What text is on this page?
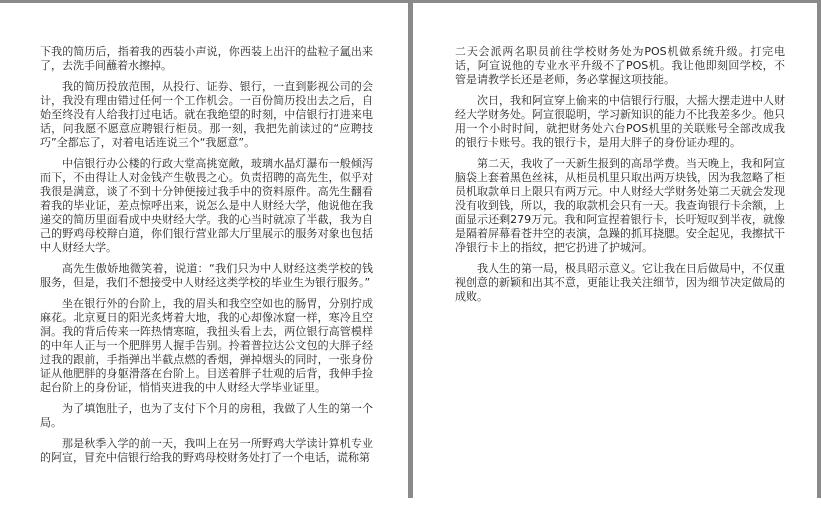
下我的简历后，指着我的西装小声说，你西装上出汗的盐粒子氲出来了，去洗手间蘸着水擦掉。

我的简历投放范围，从投行、证券、银行，一直到影视公司的会计，我没有理由错过任何一个工作机会。一百份简历投出去之后，自始至终没有人给我打过电话。就在我绝望的时刻，中信银行打进来电话，问我愿不愿意应聘银行柜员。那一刻，我把先前读过的“应聘技巧”全都忘了，对着电话连说三个“我愿意”。

中信银行办公楼的行政大堂高挑宽敞，玻璃水晶灯瀑布一般倾泻而下，不由得让人对金钱产生敬畏之心。负责招聘的高先生，似乎对我很是满意，谈了不到十分钟便接过我手中的资料原件。高先生翻看着我的毕业证，差点惊呼出来，说怎么是中人财经大学，他说他在我递交的简历里面看成中央财经大学。我的心当时就凉了半截，我为自己的野鸡母校辩白道，你们银行营业部大厅里展示的服务对象也包括中人财经大学。

高先生傲娇地微笑着，说道：“我们只为中人财经这类学校的钱服务，但是，我们不想接受中人财经这类学校的毕业生为银行服务。”

坐在银行外的台阶上，我的眉头和我空空如也的肠胃，分别拧成麻花。北京夏日的阳光炙烤着大地，我的心却像冰窟一样，寒冷且空洞。我的背后传来一阵热情寒暄，我扭头看上去，两位银行高管模样的中年人正与一个肥胖男人握手告别。拎着普拉达公文包的大胖子经过我的跟前，手指弹出半截点燃的香烟，弹掉烟头的同时，一张身份证从他肥胖的身躯滑落在台阶上。目送着胖子壮观的后背，我伸手捡起台阶上的身份证，悄悄夹进我的中人财经大学毕业证里。

为了填饱肚子，也为了支付下个月的房租，我做了人生的第一个局。

那是秋季入学的前一天，我叫上在另一所野鸡大学读计算机专业的阿宣，冒充中信银行给我的野鸡母校财务处打了一个电话，谎称第

二天会派两名职员前往学校财务处为POS机做系统升级。打完电话，阿宣说他的专业水平升级不了POS机。我让他即刻回学校，不管是请教学长还是老师，务必掌握这项技能。

次日，我和阿宣穿上偷来的中信银行行服，大摇大摆走进中人财经大学财务处。阿宣很聪明，学习新知识的能力不比我差多少。他只用一个小时时间，就把财务处六台POS机里的关联账号全部改成我的银行卡账号。我的银行卡，是用大胖子的身份证办理的。

第二天，我收了一天新生报到的高昂学费。当天晚上，我和阿宣脑袋上套着黑色丝袜，从柜员机里只取出两万块钱，因为我忽略了柜员机取款单日上限只有两万元。中人财经大学财务处第二天就会发现没有收到钱，所以，我的取款机会只有一天。我查询银行卡余额，上面显示还剩279万元。我和阿宣捏着银行卡，长吁短叹到半夜，就像是隔着屏幕看苍井空的表演，急躁的抓耳挠腮。安全起见，我擦拭干净银行卡上的指纹，把它扔进了护城河。

我人生的第一局，极具昭示意义。它让我在日后做局中，不仅重视创意的新颖和出其不意，更能让我关注细节，因为细节决定做局的成败。
